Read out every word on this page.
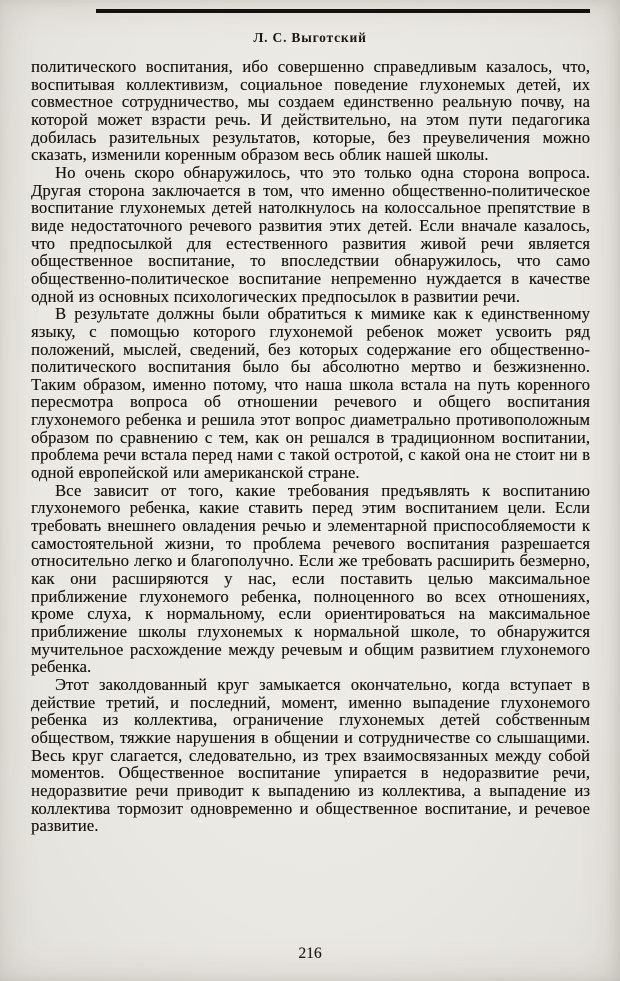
Л. С. Выготский

политического воспитания, ибо совершенно справедливым казалось, что, воспитывая коллективизм, социальное поведение глухонемых детей, их совместное сотрудничество, мы создаем единственно реальную почву, на которой может взрасти речь. И действительно, на этом пути педагогика добилась разительных результатов, которые, без преувеличения можно сказать, изменили коренным образом весь облик нашей школы.

Но очень скоро обнаружилось, что это только одна сторона вопроса. Другая сторона заключается в том, что именно общественно-политическое воспитание глухонемых детей натолкнулось на колоссальное препятствие в виде недостаточного речевого развития этих детей. Если вначале казалось, что предпосылкой для естественного развития живой речи является общественное воспитание, то впоследствии обнаружилось, что само общественно-политическое воспитание непременно нуждается в качестве одной из основных психологических предпосылок в развитии речи.

В результате должны были обратиться к мимике как к единственному языку, с помощью которого глухонемой ребенок может усвоить ряд положений, мыслей, сведений, без которых содержание его общественно-политического воспитания было бы абсолютно мертво и безжизненно. Таким образом, именно потому, что наша школа встала на путь коренного пересмотра вопроса об отношении речевого и общего воспитания глухонемого ребенка и решила этот вопрос диаметрально противоположным образом по сравнению с тем, как он решался в традиционном воспитании, проблема речи встала перед нами с такой остротой, с какой она не стоит ни в одной европейской или американской стране.

Все зависит от того, какие требования предъявлять к воспитанию глухонемого ребенка, какие ставить перед этим воспитанием цели. Если требовать внешнего овладения речью и элементарной приспособляемости к самостоятельной жизни, то проблема речевого воспитания разрешается относительно легко и благополучно. Если же требовать расширить безмерно, как они расширяются у нас, если поставить целью максимальное приближение глухонемого ребенка, полноценного во всех отношениях, кроме слуха, к нормальному, если ориентироваться на максимальное приближение школы глухонемых к нормальной школе, то обнаружится мучительное расхождение между речевым и общим развитием глухонемого ребенка.

Этот заколдованный круг замыкается окончательно, когда вступает в действие третий, и последний, момент, именно выпадение глухонемого ребенка из коллектива, ограничение глухонемых детей собственным обществом, тяжкие нарушения в общении и сотрудничестве со слышащими. Весь круг слагается, следовательно, из трех взаимосвязанных между собой моментов. Общественное воспитание упирается в недоразвитие речи, недоразвитие речи приводит к выпадению из коллектива, а выпадение из коллектива тормозит одновременно и общественное воспитание, и речевое развитие.

216
